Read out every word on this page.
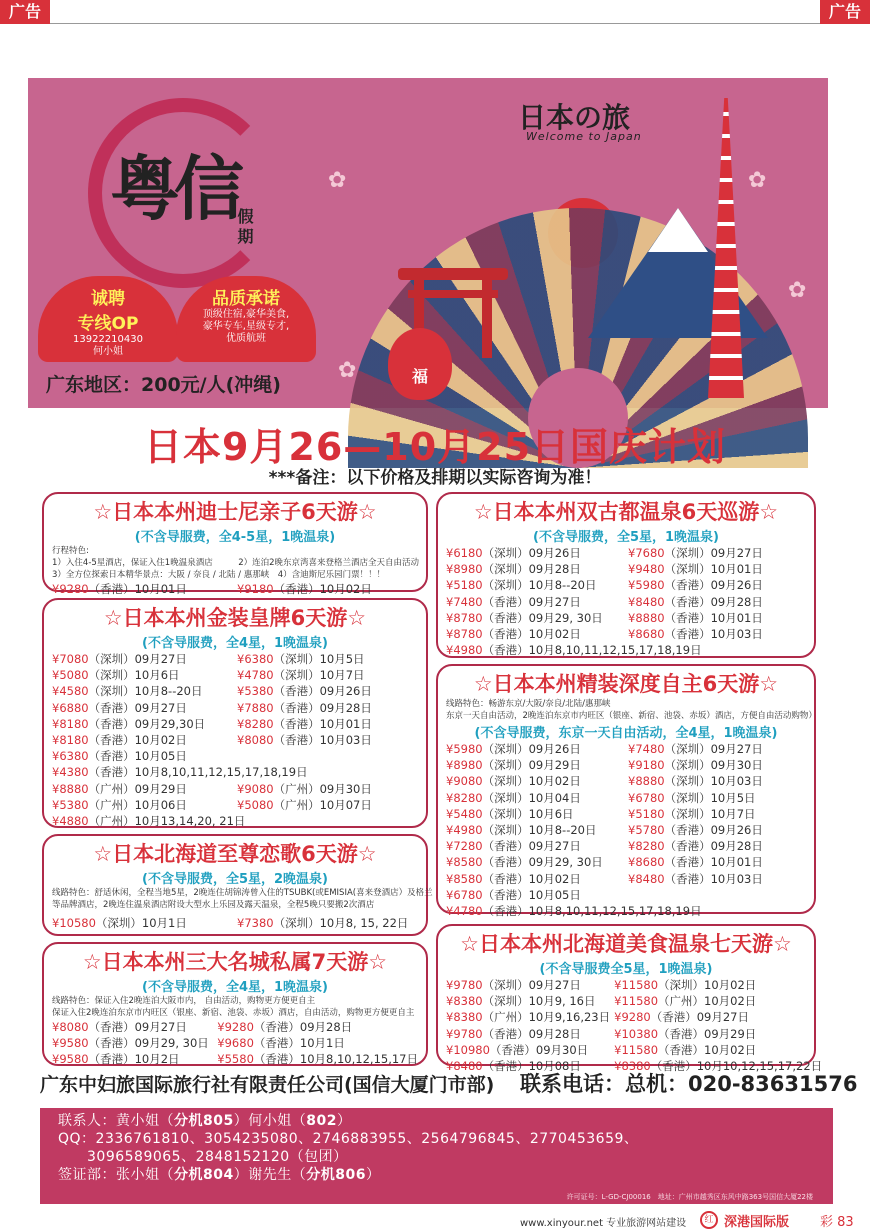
广告	广告
✿
✿
✿
✿
日本の旅
Welcome to Japan
粤信
假期
诚聘
专线OP
13922210430
何小姐
品质承诺
顶级住宿,豪华美食,
豪华专车,星级专才,
优质航班
福
广东地区：200元/人(冲绳)
日本9月26—10月25日国庆计划
***备注：以下价格及排期以实际咨询为准！
☆日本本州迪士尼亲子6天游☆
(不含导服费，全4-5星，1晚温泉)
行程特色:
1）入住4-5星酒店，保证入住1晚温泉酒店　　　2）连泊2晚东京湾喜来登格兰酒店全天自由活动
3）全方位探索日本精华景点：大阪 / 奈良 / 北陆 / 惠那峡　4）含迪斯尼乐园门票！！！
¥9280（香港）10月01日	¥9180（香港）10月02日
☆日本本州金装皇牌6天游☆
(不含导服费，全4星，1晚温泉)
¥7080（深圳）09月27日	¥6380（深圳）10月5日
¥5080（深圳）10月6日	¥4780（深圳）10月7日
¥4580（深圳）10月8--20日	¥5380（香港）09月26日
¥6880（香港）09月27日	¥7880（香港）09月28日
¥8180（香港）09月29,30日	¥8280（香港）10月01日
¥8180（香港）10月02日	¥8080（香港）10月03日
¥6380（香港）10月05日
¥4380（香港）10月8,10,11,12,15,17,18,19日
¥8880（广州）09月29日	¥9080（广州）09月30日
¥5380（广州）10月06日	¥5080（广州）10月07日
¥4880（广州）10月13,14,20, 21日
☆日本北海道至尊恋歌6天游☆
(不含导服费，全5星，2晚温泉)
线路特色：舒适休闲，全程当地5星，2晚连住胡锦涛曾入住的TSUBK(或EMISIA(喜来登酒店）及格兰
等品牌酒店，2晚连住温泉酒店附设大型水上乐园及露天温泉，全程5晚只要搬2次酒店
¥10580（深圳）10月1日	¥7380（深圳）10月8, 15, 22日
☆日本本州三大名城私属7天游☆
(不含导服费，全4星，1晚温泉)
线路特色：保证入住2晚连泊大阪市内， 自由活动，购物更方便更自主
保证入住2晚连泊东京市内旺区（银座、新宿、池袋、赤坂）酒店，自由活动，购物更方便更自主
¥8080（香港）09月27日	¥9280（香港）09月28日
¥9580（香港）09月29, 30日 ¥9680（香港）10月1日
¥9580（香港）10月2日	¥5580（香港）10月8,10,12,15,17日
☆日本本州双古都温泉6天巡游☆
(不含导服费，全5星，1晚温泉)
¥6180（深圳）09月26日	¥7680（深圳）09月27日
¥8980（深圳）09月28日	¥9480（深圳）10月01日
¥5180（深圳）10月8--20日	¥5980（香港）09月26日
¥7480（香港）09月27日	¥8480（香港）09月28日
¥8780（香港）09月29, 30日	¥8880（香港）10月01日
¥8780（香港）10月02日	¥8680（香港）10月03日
¥4980（香港）10月8,10,11,12,15,17,18,19日
☆日本本州精装深度自主6天游☆
线路特色：畅游东京/大阪/奈良/北陆/惠那峡
东京一天自由活动，2晚连泊东京市内旺区（银座、新宿、池袋、赤坂）酒店，方便自由活动购物）
(不含导服费，东京一天自由活动，全4星，1晚温泉)
¥5980（深圳）09月26日	¥7480（深圳）09月27日
¥8980（深圳）09月29日	¥9180（深圳）09月30日
¥9080（深圳）10月02日	¥8880（深圳）10月03日
¥8280（深圳）10月04日	¥6780（深圳）10月5日
¥5480（深圳）10月6日	¥5180（深圳）10月7日
¥4980（深圳）10月8--20日	¥5780（香港）09月26日
¥7280（香港）09月27日	¥8280（香港）09月28日
¥8580（香港）09月29, 30日	¥8680（香港）10月01日
¥8580（香港）10月02日	¥8480（香港）10月03日
¥6780（香港）10月05日
¥4780（香港）10月8,10,11,12,15,17,18,19日
☆日本本州北海道美食温泉七天游☆
(不含导服费全5星，1晚温泉)
¥9780（深圳）09月27日	¥11580（深圳）10月02日
¥8380（深圳）10月9, 16日	¥11580（广州）10月02日
¥8380（广州）10月9,16,23日 ¥9280（香港）09月27日
¥9780（香港）09月28日	¥10380（香港）09月29日
¥10980（香港）09月30日	¥11580（香港）10月02日
¥8480（香港）10月08日	¥8380（香港）10月10,12,15,17,22日
广东中妇旅国际旅行社有限责任公司(国信大厦门市部) 联系电话：总机：020-83631576
联系人：黄小姐（分机805）何小姐（802）
QQ：2336761810、3054235080、2746883955、2564796845、2770453659、
　　3096589065、2848152120（包团）
签证部：张小姐（分机804）谢先生（分机806）
许可证号：L-GD-CJ00016　地址：广州市越秀区东风中路363号国信大厦22楼
www.xinyour.net 专业旅游网站建设	红 深港国际版 彩 83
